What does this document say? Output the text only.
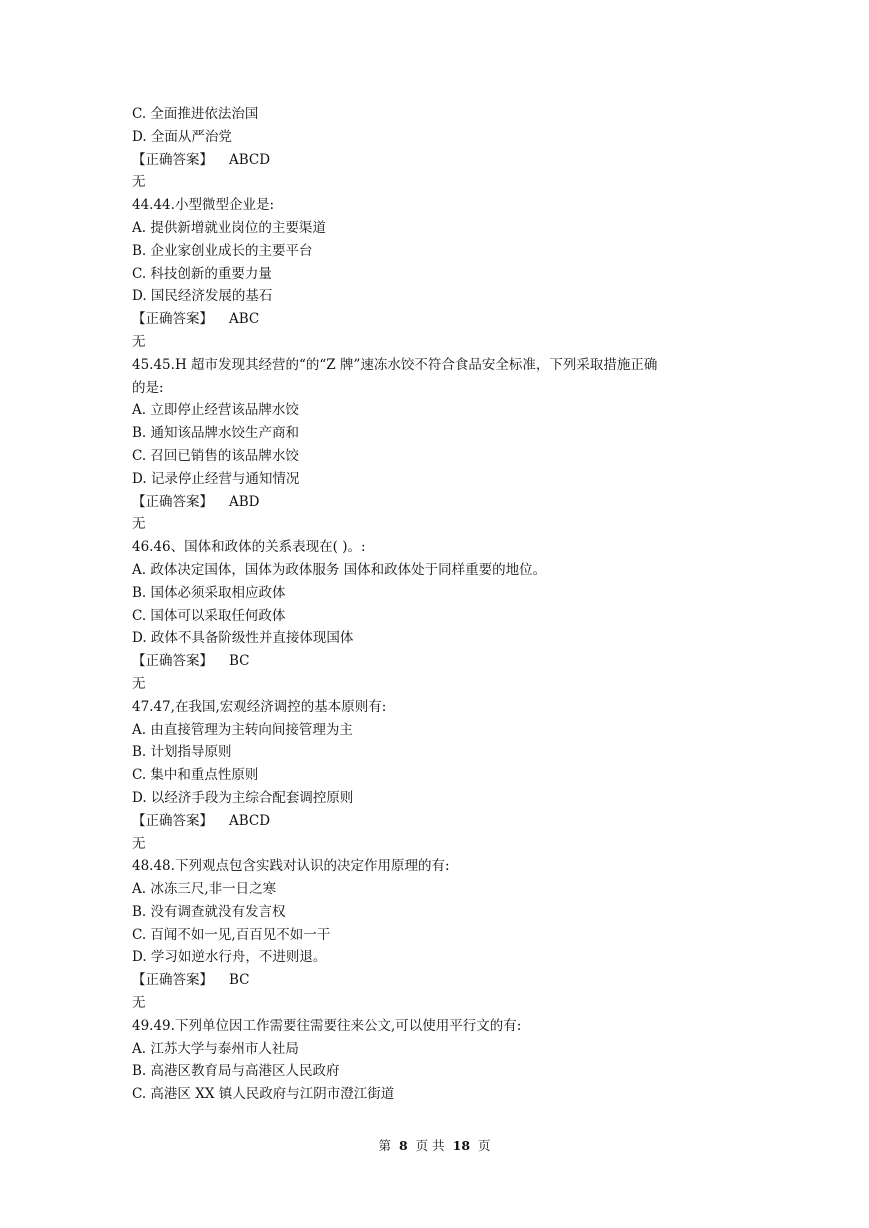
C. 全面推进依法治国
D. 全面从严治党
【正确答案】 ABCD
无
44.44.小型微型企业是:
A. 提供新增就业岗位的主要渠道
B. 企业家创业成长的主要平台
C. 科技创新的重要力量
D. 国民经济发展的基石
【正确答案】 ABC
无
45.45.H 超市发现其经营的“的“Z 牌”速冻水饺不符合食品安全标准，下列采取措施正确
的是:
A. 立即停止经营该品牌水饺
B. 通知该品牌水饺生产商和
C. 召回已销售的该品牌水饺
D. 记录停止经营与通知情况
【正确答案】 ABD
无
46.46、国体和政体的关系表现在( )。:
A. 政体决定国体，国体为政体服务 国体和政体处于同样重要的地位。
B. 国体必须采取相应政体
C. 国体可以采取任何政体
D. 政体不具备阶级性并直接体现国体
【正确答案】 BC
无
47.47,在我国,宏观经济调控的基本原则有:
A. 由直接管理为主转向间接管理为主
B. 计划指导原则
C. 集中和重点性原则
D. 以经济手段为主综合配套调控原则
【正确答案】 ABCD
无
48.48.下列观点包含实践对认识的决定作用原理的有:
A. 冰冻三尺,非一日之寒
B. 没有调查就没有发言权
C. 百闻不如一见,百百见不如一干
D. 学习如逆水行舟，不进则退。
【正确答案】 BC
无
49.49.下列单位因工作需要往需要往来公文,可以使用平行文的有:
A. 江苏大学与泰州市人社局
B. 高港区教育局与高港区人民政府
C. 高港区 XX 镇人民政府与江阴市澄江街道
第 8 页 共 18 页
